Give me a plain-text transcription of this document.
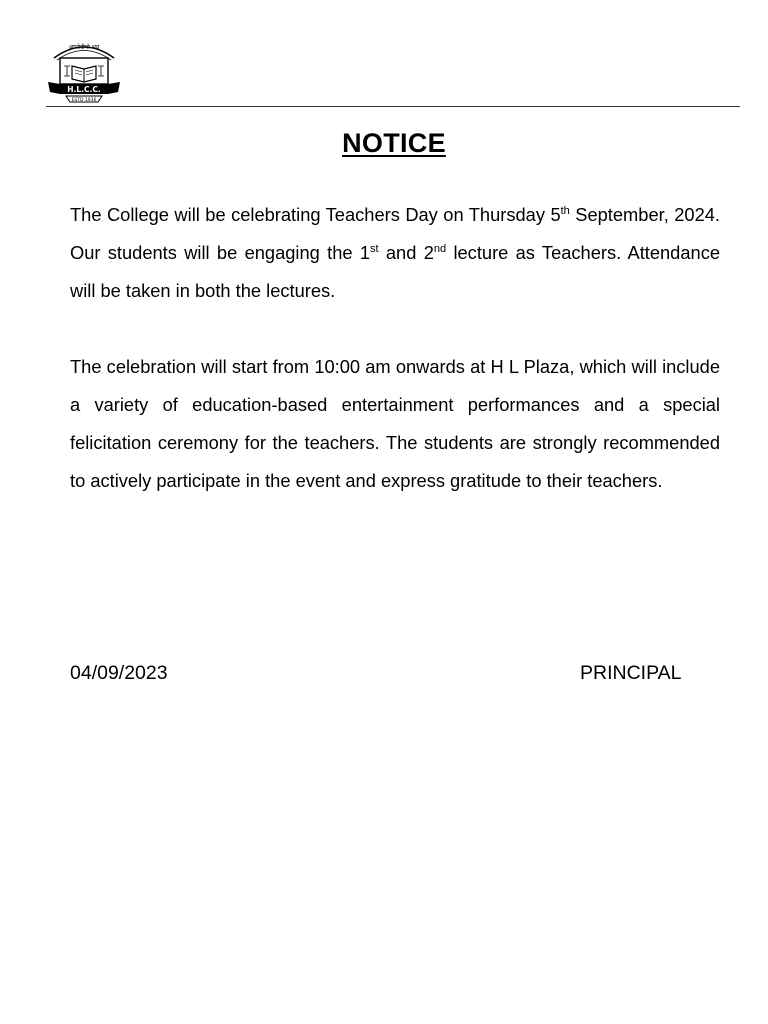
अप्पोदीपो भव
H.L.C.C.
ESTD 1936
NOTICE

The College will be celebrating Teachers Day on Thursday 5th September, 2024. Our students will be engaging the 1st and 2nd lecture as Teachers. Attendance will be taken in both the lectures.

The celebration will start from 10:00 am onwards at H L Plaza, which will include a variety of education-based entertainment performances and a special felicitation ceremony for the teachers. The students are strongly recommended to actively participate in the event and express gratitude to their teachers.

04/09/2023	PRINCIPAL
